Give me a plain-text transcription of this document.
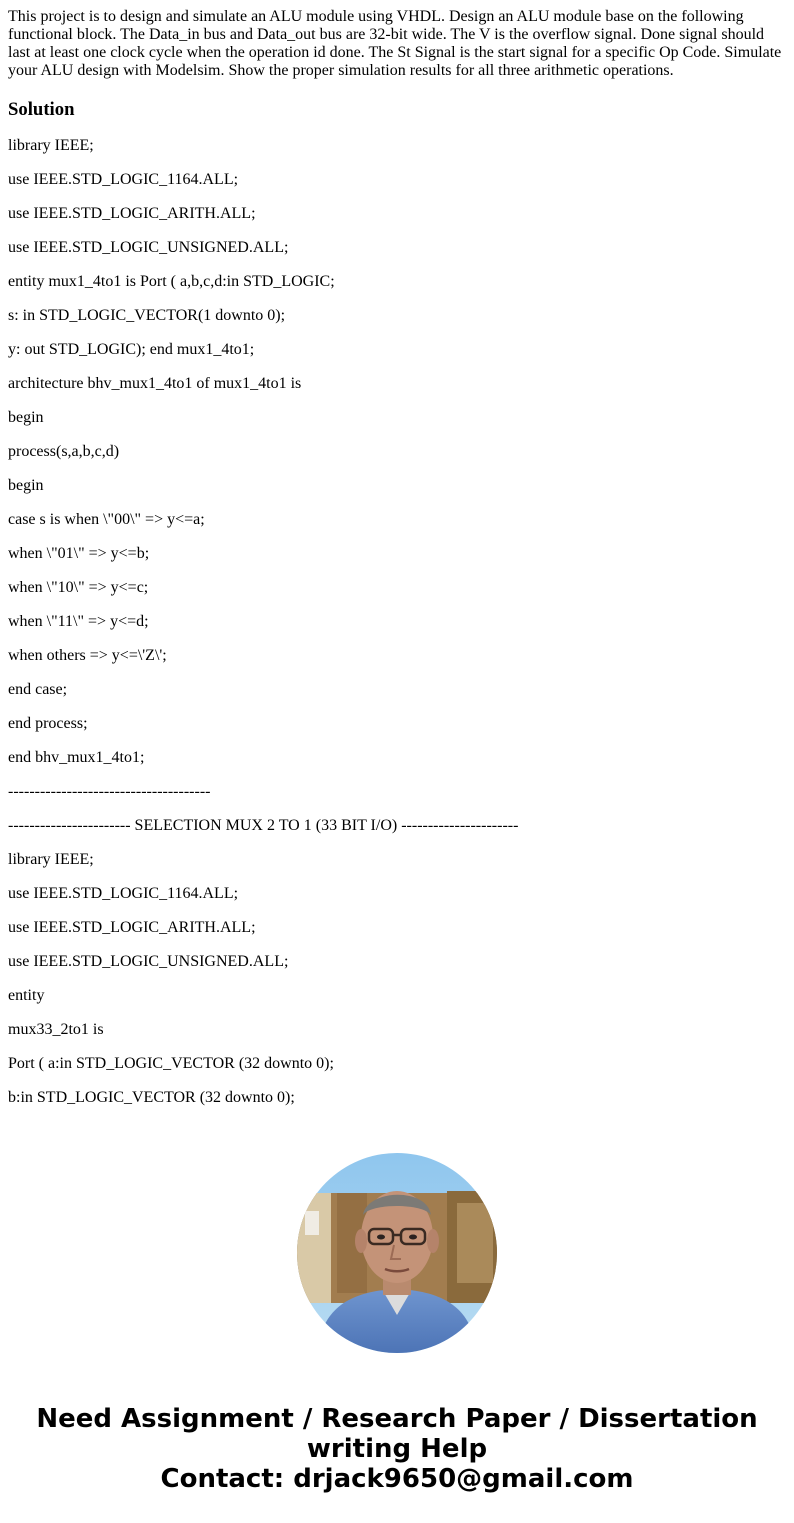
This project is to design and simulate an ALU module using VHDL. Design an ALU module base on the following functional block. The Data_in bus and Data_out bus are 32-bit wide. The V is the overflow signal. Done signal should last at least one clock cycle when the operation id done. The St Signal is the start signal for a specific Op Code. Simulate your ALU design with Modelsim. Show the proper simulation results for all three arithmetic operations.

Solution

library IEEE;

use IEEE.STD_LOGIC_1164.ALL;

use IEEE.STD_LOGIC_ARITH.ALL;

use IEEE.STD_LOGIC_UNSIGNED.ALL;

entity mux1_4to1 is Port ( a,b,c,d:in STD_LOGIC;

s: in STD_LOGIC_VECTOR(1 downto 0);

y: out STD_LOGIC); end mux1_4to1;

architecture bhv_mux1_4to1 of mux1_4to1 is

begin

process(s,a,b,c,d)

begin

case s is when \"00\" => y<=a;

when \"01\" => y<=b;

when \"10\" => y<=c;

when \"11\" => y<=d;

when others => y<=\'Z\';

end case;

end process;

end bhv_mux1_4to1;

--------------------------------------

----------------------- SELECTION MUX 2 TO 1 (33 BIT I/O) ----------------------

library IEEE;

use IEEE.STD_LOGIC_1164.ALL;

use IEEE.STD_LOGIC_ARITH.ALL;

use IEEE.STD_LOGIC_UNSIGNED.ALL;

entity

mux33_2to1 is

Port ( a:in STD_LOGIC_VECTOR (32 downto 0);

b:in STD_LOGIC_VECTOR (32 downto 0);

Need Assignment / Research Paper / Dissertation
writing Help
Contact: drjack9650@gmail.com
